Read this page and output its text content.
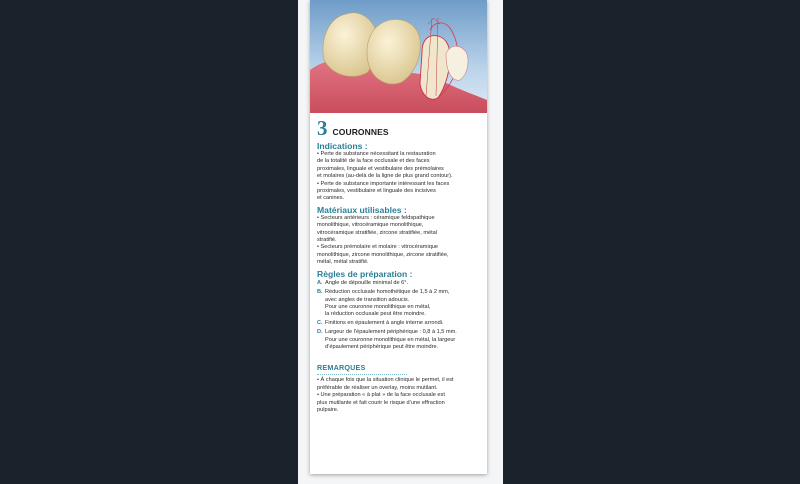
3 COURONNES
Indications :
• Perte de substance nécessitant la restauration
de la totalité de la face occlusale et des faces
proximales, linguale et vestibulaire des prémolaires
et molaires (au-delà de la ligne de plus grand contour).
• Perte de substance importante intéressant les faces
proximales, vestibulaire et linguale des incisives
et canines.
Matériaux utilisables :
• Secteurs antérieurs : céramique feldspathique
monolithique, vitrocéramique monolithique,
vitrocéramique stratifiée, zircone stratifiée, métal
stratifié.
• Secteurs prémolaire et molaire : vitrocéramique
monolithique, zircone monolithique, zircone stratifiée,
métal, métal stratifié.
Règles de préparation :
A. Angle de dépouille minimal de 6°.
B. Réduction occlusale homothétique de 1,5 à 2 mm,
avec angles de transition adoucis.
Pour une couronne monolithique en métal,
la réduction occlusale peut être moindre.
C. Finitions en épaulement à angle interne arrondi.
D. Largeur de l’épaulement périphérique : 0,8 à 1,5 mm.
Pour une couronne monolithique en métal, la largeur
d’épaulement périphérique peut être moindre.
REMARQUES
• À chaque fois que la situation clinique le permet, il est
préférable de réaliser un overlay, moins mutilant.
• Une préparation « à plat » de la face occlusale est
plus mutilante et fait courir le risque d’une effraction
pulpaire.
